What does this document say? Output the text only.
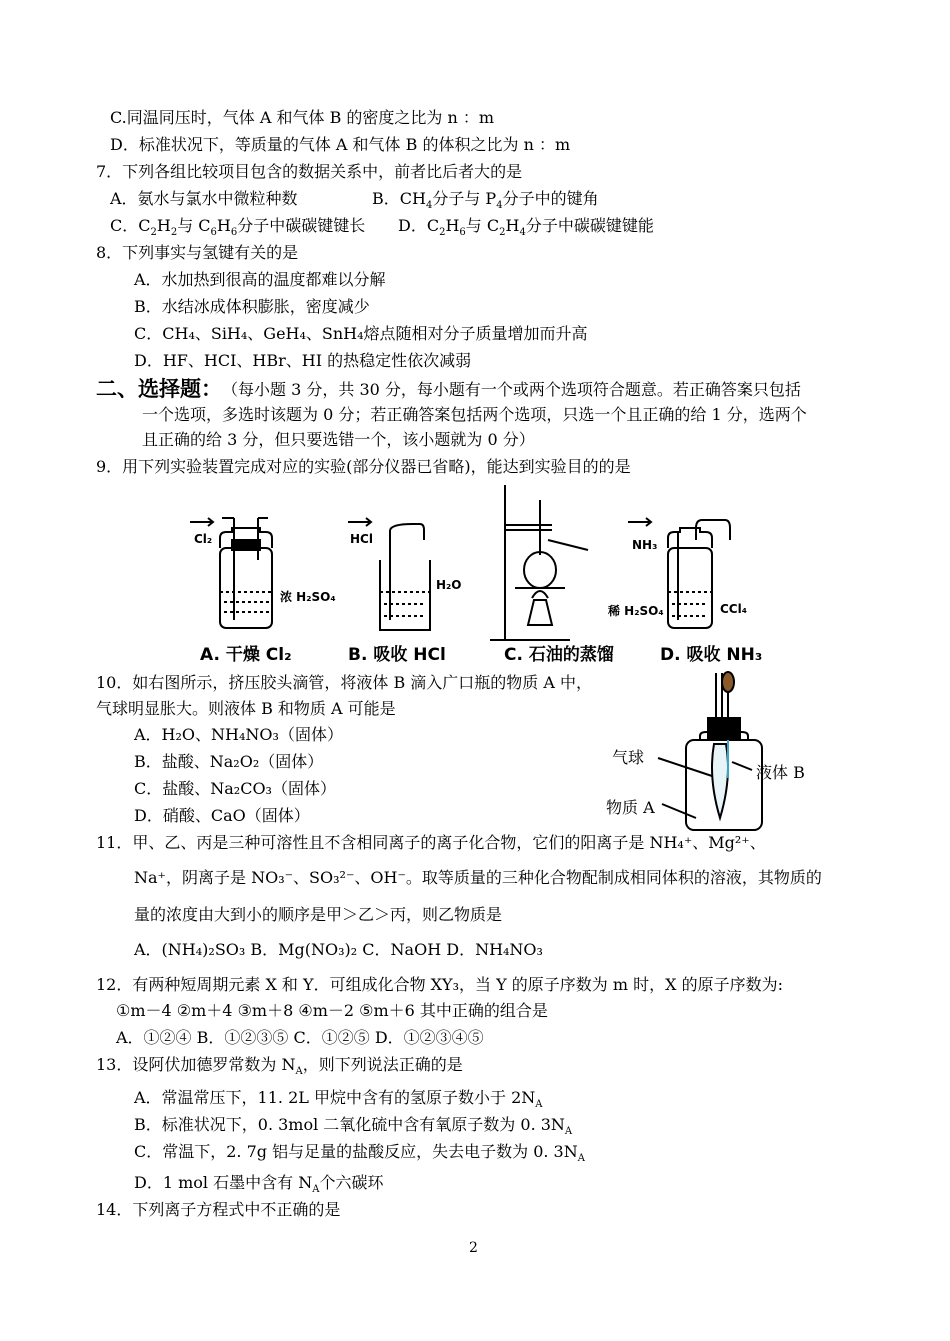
C.同温同压时，气体 A 和气体 B 的密度之比为 n ：m
D．标准状况下，等质量的气体 A 和气体 B 的体积之比为 n ：m
7．下列各组比较项目包含的数据关系中，前者比后者大的是
A．氨水与氯水中微粒种数	B．$CH_4$分子与 $P_4$分子中的键角
C．$C_2H_2$与 $C_6H_6$分子中碳碳键键长 D．$C_2H_6$与 $C_2H_4$分子中碳碳键键能
8．下列事实与氢键有关的是
A．水加热到很高的温度都难以分解
B．水结冰成体积膨胀，密度减少
C．CH₄、SiH₄、GeH₄、SnH₄熔点随相对分子质量增加而升高
D．HF、HCI、HBr、HI 的热稳定性依次减弱
二、选择题： （每小题 3 分，共 30 分，每小题有一个或两个选项符合题意。若正确答案只包括
一个选项，多选时该题为 0 分；若正确答案包括两个选项，只选一个且正确的给 1 分，选两个
且正确的给 3 分，但只要选错一个，该小题就为 0 分）
9．用下列实验装置完成对应的实验(部分仪器已省略)，能达到实验目的的是
Cl₂
浓 H₂SO₄
HCl
H₂O
NH₃
稀 H₂SO₄	CCl₄
A. 干燥 Cl₂	B. 吸收 HCl	C. 石油的蒸馏	D. 吸收 NH₃
10．如右图所示，挤压胶头滴管，将液体 B 滴入广口瓶的物质 A 中，
气球明显胀大。则液体 B 和物质 A 可能是
A．H₂O、NH₄NO₃（固体）
B．盐酸、Na₂O₂（固体）
C．盐酸、Na₂CO₃（固体）
D．硝酸、CaO（固体）
气球
液体 B
物质 A
11．甲、乙、丙是三种可溶性且不含相同离子的离子化合物，它们的阳离子是 NH₄⁺、Mg²⁺、
Na⁺，阴离子是 NO₃⁻、SO₃²⁻、OH⁻。取等质量的三种化合物配制成相同体积的溶液，其物质的
量的浓度由大到小的顺序是甲＞乙＞丙，则乙物质是
A．(NH₄)₂SO₃ B．Mg(NO₃)₂ C．NaOH D．NH₄NO₃
12．有两种短周期元素 X 和 Y．可组成化合物 XY₃，当 Y 的原子序数为 m 时，X 的原子序数为:
①m－4 ②m＋4 ③m＋8 ④m－2 ⑤m＋6 其中正确的组合是
A．①②④ B．①②③⑤ C．①②⑤ D．①②③④⑤
13．设阿伏加德罗常数为 $N_A$，则下列说法正确的是
A．常温常压下，11. 2L 甲烷中含有的氢原子数小于 $2N_A$
B．标准状况下，0. 3mol 二氧化硫中含有氧原子数为 0. $3N_A$
C．常温下，2. 7g 铝与足量的盐酸反应，失去电子数为 0. $3N_A$
D．1 mol 石墨中含有 $N_A$个六碳环
14．下列离子方程式中不正确的是
2
